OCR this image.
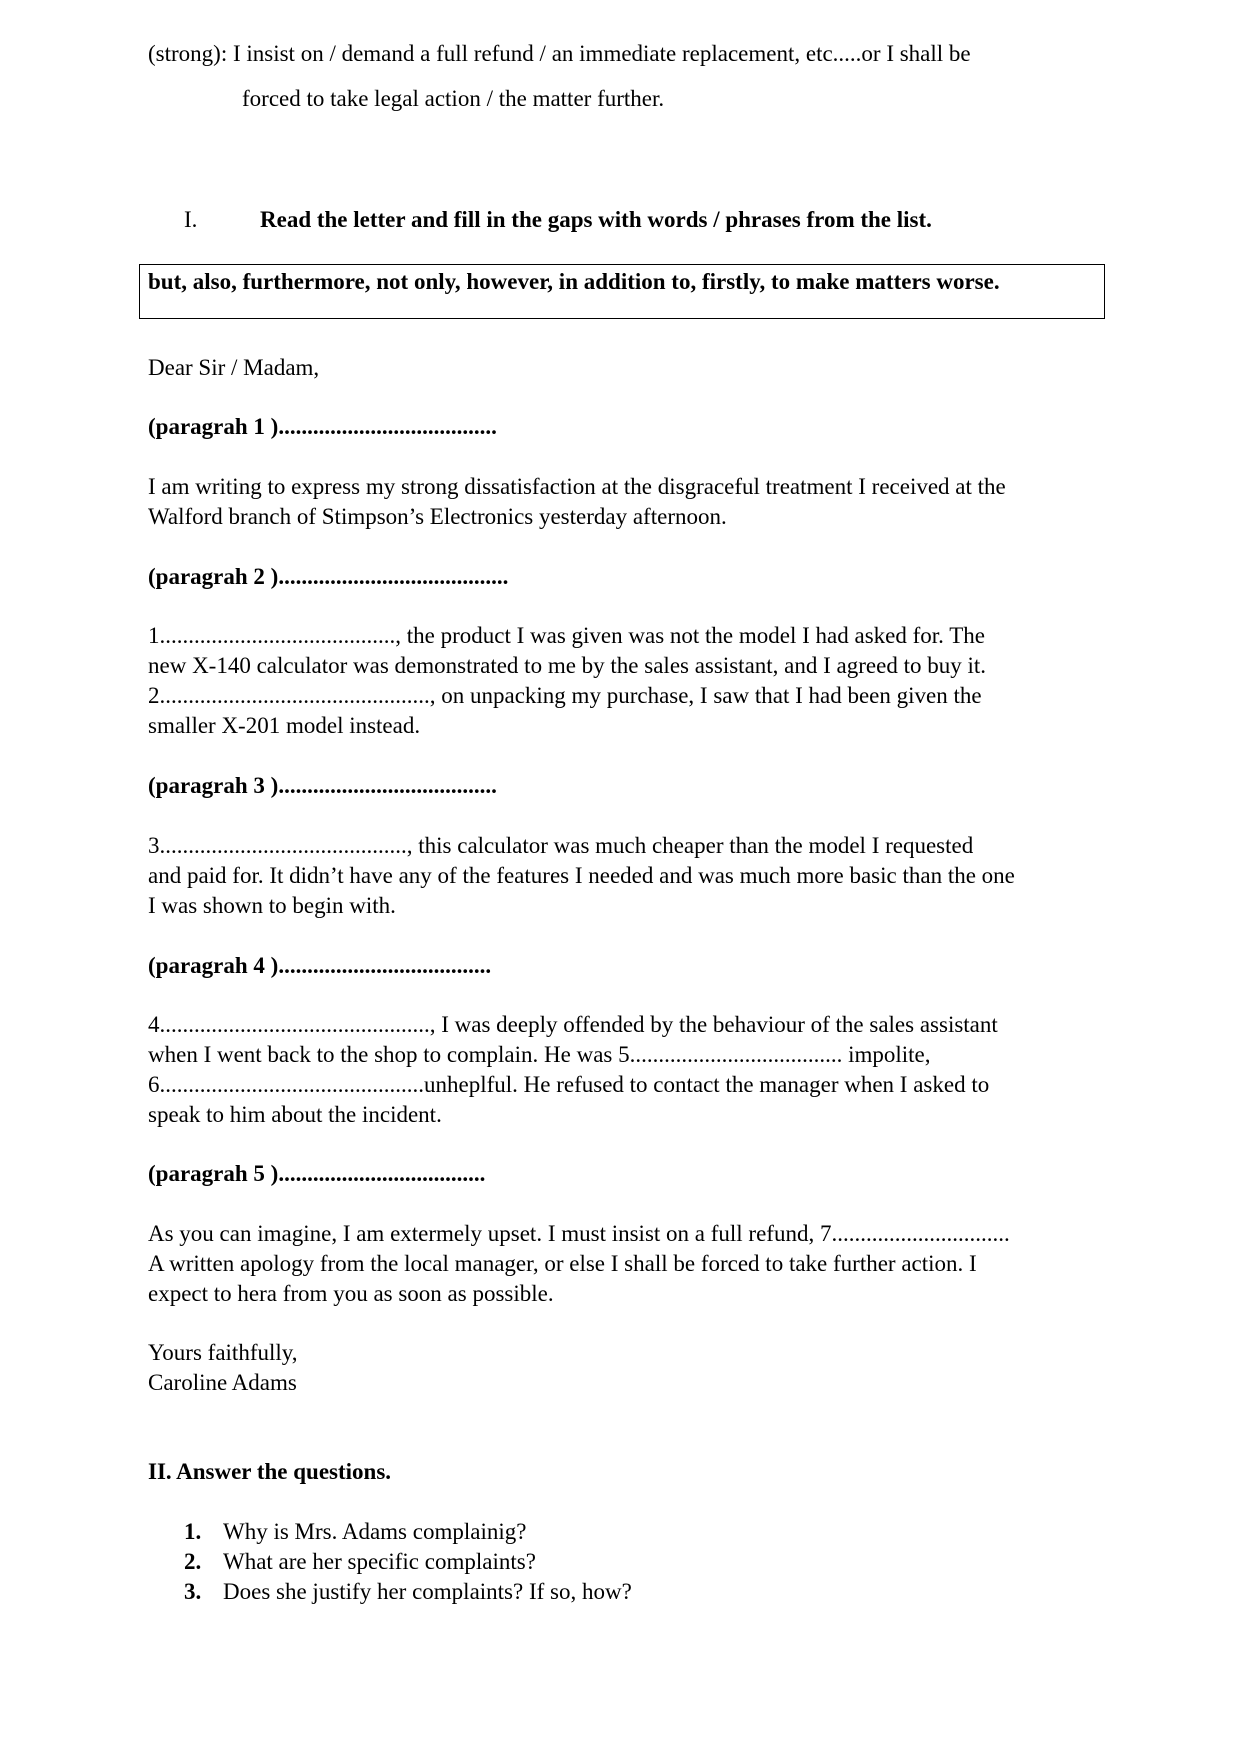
(strong): I insist on / demand a full refund / an immediate replacement, etc.....or I shall be
forced to take legal action / the matter further.
I.	Read the letter and fill in the gaps with words / phrases from the list.
but, also, furthermore, not only, however, in addition to, firstly, to make matters worse.
Dear Sir / Madam,
(paragrah 1 )......................................
I am writing to express my strong dissatisfaction at the disgraceful treatment I received at the
Walford branch of Stimpson’s Electronics yesterday afternoon.
(paragrah 2 )........................................
1........................................., the product I was given was not the model I had asked for. The
new X-140 calculator was demonstrated to me by the sales assistant, and I agreed to buy it.
2..............................................., on unpacking my purchase, I saw that I had been given the
smaller X-201 model instead.
(paragrah 3 )......................................
3..........................................., this calculator was much cheaper than the model I requested
and paid for. It didn’t have any of the features I needed and was much more basic than the one
I was shown to begin with.
(paragrah 4 ).....................................
4..............................................., I was deeply offended by the behaviour of the sales assistant
when I went back to the shop to complain. He was 5..................................... impolite,
6..............................................unheplful. He refused to contact the manager when I asked to
speak to him about the incident.
(paragrah 5 )....................................
As you can imagine, I am extermely upset. I must insist on a full refund, 7...............................
A written apology from the local manager, or else I shall be forced to take further action. I
expect to hera from you as soon as possible.
Yours faithfully,
Caroline Adams
II. Answer the questions.
1. Why is Mrs. Adams complainig?
2. What are her specific complaints?
3. Does she justify her complaints? If so, how?
